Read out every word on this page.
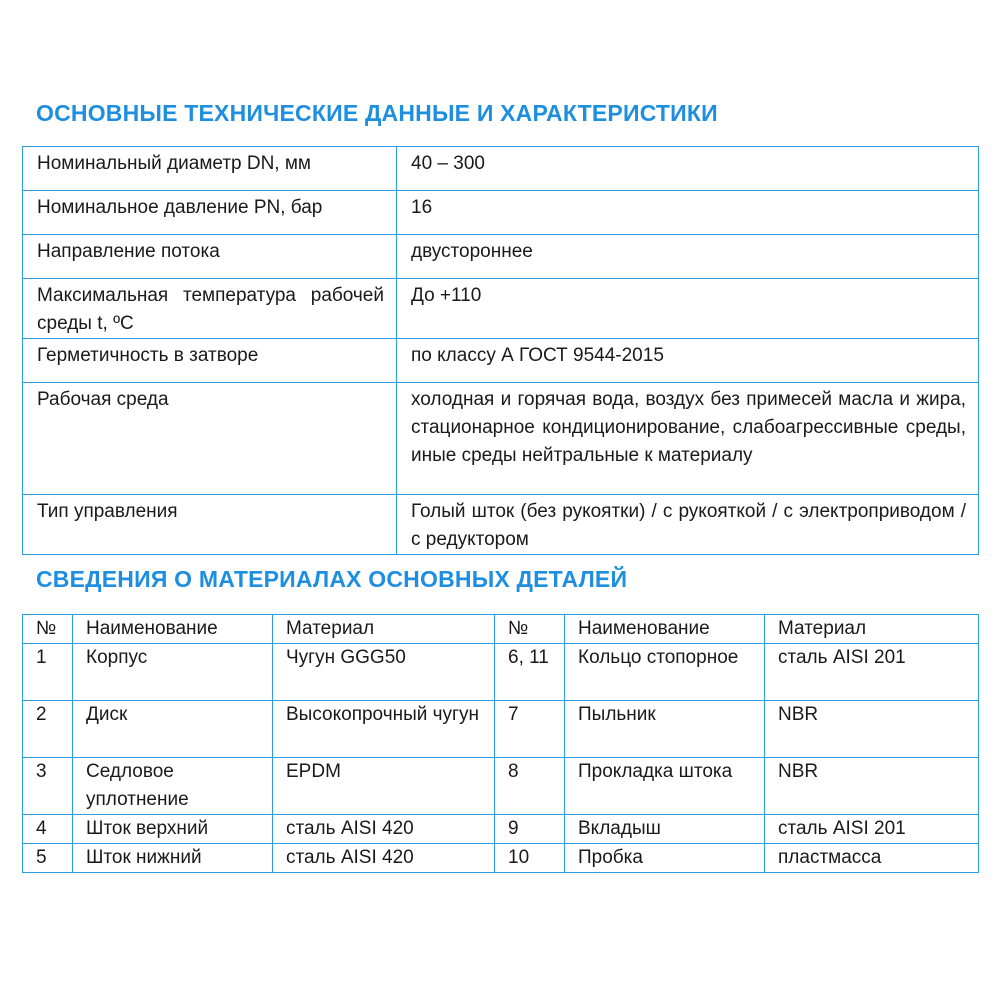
ОСНОВНЫЕ ТЕХНИЧЕСКИЕ ДАННЫЕ И ХАРАКТЕРИСТИКИ
Номинальный диаметр DN, мм	40 – 300
Номинальное давление PN, бар	16
Направление потока	двустороннее
Максимальная температура рабочей среды t, ºC	До +110
Герметичность в затворе	по классу А ГОСТ 9544-2015
Рабочая среда	холодная и горячая вода, воздух без примесей масла и жира, стационарное кондиционирование, слабоагрессивные среды, иные среды нейтральные к материалу
Тип управления	Голый шток (без рукоятки) / с рукояткой / с электроприводом / с редуктором
СВЕДЕНИЯ О МАТЕРИАЛАХ ОСНОВНЫХ ДЕТАЛЕЙ
№	Наименование	Материал	№	Наименование	Материал
1	Корпус	Чугун GGG50	6, 11	Кольцо стопорное	сталь AISI 201
2	Диск	Высокопрочный чугун	7	Пыльник	NBR
3	Седловое уплотнение	EPDM	8	Прокладка штока	NBR
4	Шток верхний	сталь AISI 420	9	Вкладыш	сталь AISI 201
5	Шток нижний	сталь AISI 420	10	Пробка	пластмасса
